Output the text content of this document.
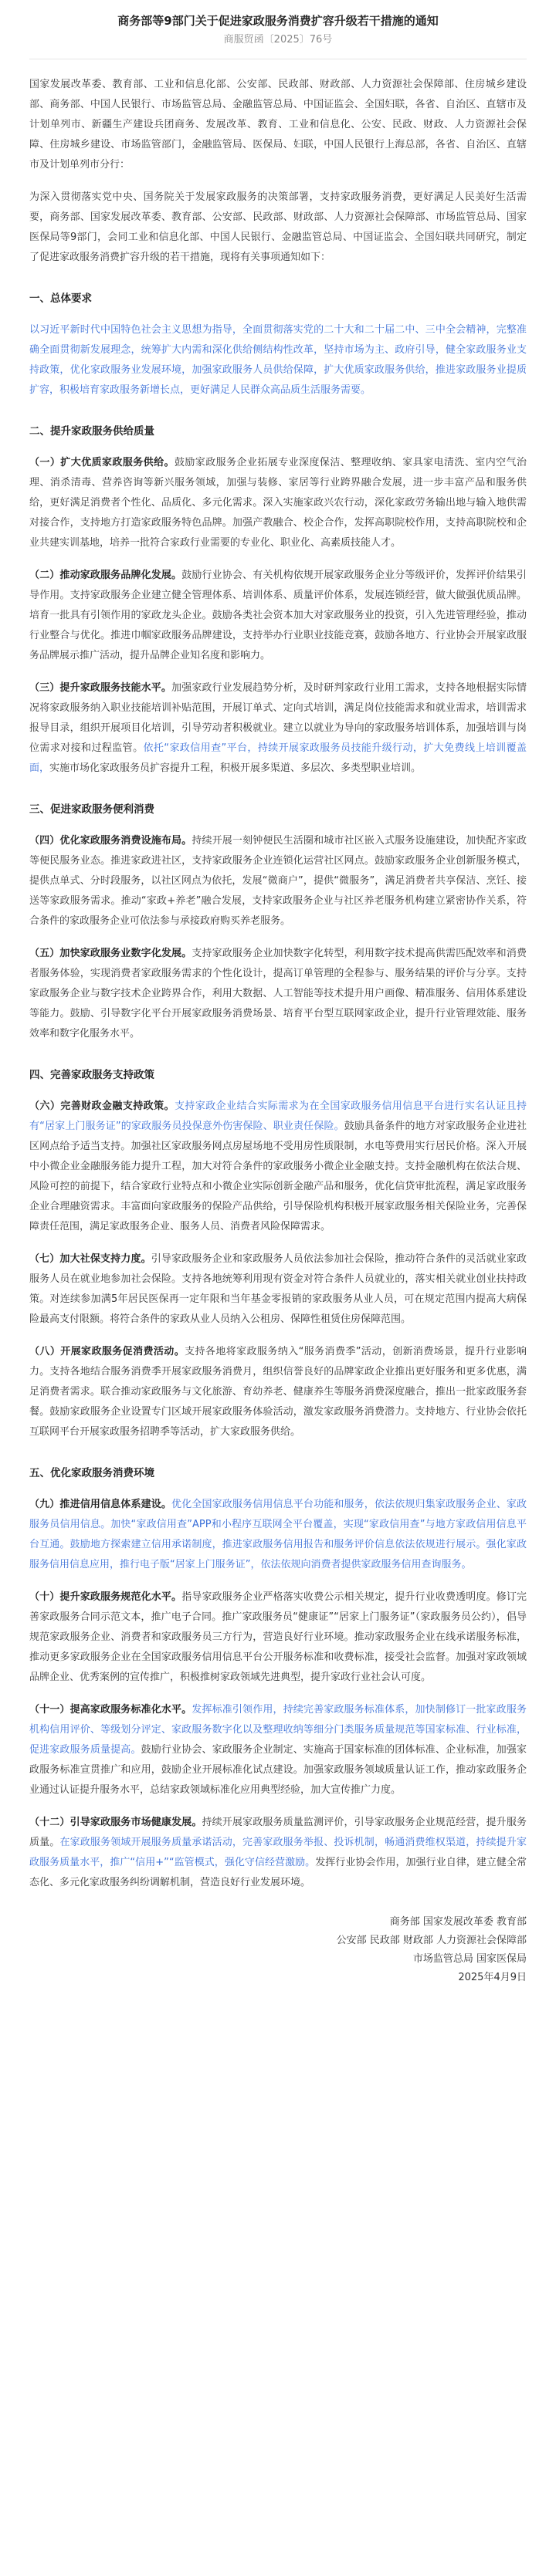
商务部等9部门关于促进家政服务消费扩容升级若干措施的通知
商服贸函〔2025〕76号

国家发展改革委、教育部、工业和信息化部、公安部、民政部、财政部、人力资源社会保障部、住房城乡建设部、商务部、中国人民银行、市场监管总局、金融监管总局、中国证监会、全国妇联，各省、自治区、直辖市及计划单列市、新疆生产建设兵团商务、发展改革、教育、工业和信息化、公安、民政、财政、人力资源社会保障、住房城乡建设、市场监管部门，金融监管局、医保局、妇联，中国人民银行上海总部，各省、自治区、直辖市及计划单列市分行：

为深入贯彻落实党中央、国务院关于发展家政服务的决策部署，支持家政服务消费，更好满足人民美好生活需要，商务部、国家发展改革委、教育部、公安部、民政部、财政部、人力资源社会保障部、市场监管总局、国家医保局等9部门，会同工业和信息化部、中国人民银行、金融监管总局、中国证监会、全国妇联共同研究，制定了促进家政服务消费扩容升级的若干措施，现将有关事项通知如下：

一、总体要求

以习近平新时代中国特色社会主义思想为指导，全面贯彻落实党的二十大和二十届二中、三中全会精神，完整准确全面贯彻新发展理念，统筹扩大内需和深化供给侧结构性改革，坚持市场为主、政府引导，健全家政服务业支持政策，优化家政服务业发展环境，加强家政服务人员供给保障，扩大优质家政服务供给，推进家政服务业提质扩容，积极培育家政服务新增长点，更好满足人民群众高品质生活服务需要。

二、提升家政服务供给质量

（一）扩大优质家政服务供给。鼓励家政服务企业拓展专业深度保洁、整理收纳、家具家电清洗、室内空气治理、消杀清毒、营养咨询等新兴服务领域，加强与装修、家居等行业跨界融合发展，进一步丰富产品和服务供给，更好满足消费者个性化、品质化、多元化需求。深入实施家政兴农行动，深化家政劳务输出地与输入地供需对接合作，支持地方打造家政服务特色品牌。加强产教融合、校企合作，发挥高职院校作用，支持高职院校和企业共建实训基地，培养一批符合家政行业需要的专业化、职业化、高素质技能人才。

（二）推动家政服务品牌化发展。鼓励行业协会、有关机构依规开展家政服务企业分等级评价，发挥评价结果引导作用。支持家政服务企业建立健全管理体系、培训体系、质量评价体系，发展连锁经营，做大做强优质品牌。培育一批具有引领作用的家政龙头企业。鼓励各类社会资本加大对家政服务业的投资，引入先进管理经验，推动行业整合与优化。推进巾帼家政服务品牌建设，支持举办行业职业技能竞赛，鼓励各地方、行业协会开展家政服务品牌展示推广活动，提升品牌企业知名度和影响力。

（三）提升家政服务技能水平。加强家政行业发展趋势分析，及时研判家政行业用工需求，支持各地根据实际情况将家政服务纳入职业技能培训补贴范围，开展订单式、定向式培训，满足岗位技能需求和就业需求，培训需求报导目录，组织开展项目化培训，引导劳动者积极就业。建立以就业为导向的家政服务培训体系，加强培训与岗位需求对接和过程监管。依托“家政信用查”平台，持续开展家政服务员技能升级行动，扩大免费线上培训覆盖面，实施市场化家政服务员扩容提升工程，积极开展多渠道、多层次、多类型职业培训。

三、促进家政服务便利消费

（四）优化家政服务消费设施布局。持续开展一刻钟便民生活圈和城市社区嵌入式服务设施建设，加快配齐家政等便民服务业态。推进家政进社区，支持家政服务企业连锁化运营社区网点。鼓励家政服务企业创新服务模式，提供点单式、分时段服务，以社区网点为依托，发展“微商户”，提供“微服务”，满足消费者共享保洁、烹饪、接送等家政服务需求。推动“家政+养老”融合发展，支持家政服务企业与社区养老服务机构建立紧密协作关系，符合条件的家政服务企业可依法参与承接政府购买养老服务。

（五）加快家政服务业数字化发展。支持家政服务企业加快数字化转型，利用数字技术提高供需匹配效率和消费者服务体验，实现消费者家政服务需求的个性化设计，提高订单管理的全程参与、服务结果的评价与分享。支持家政服务企业与数字技术企业跨界合作，利用大数据、人工智能等技术提升用户画像、精准服务、信用体系建设等能力。鼓励、引导数字化平台开展家政服务消费场景、培育平台型互联网家政企业，提升行业管理效能、服务效率和数字化服务水平。

四、完善家政服务支持政策

（六）完善财政金融支持政策。支持家政企业结合实际需求为在全国家政服务信用信息平台进行实名认证且持有“居家上门服务证”的家政服务员投保意外伤害保险、职业责任保险。鼓励具备条件的地方对家政服务企业进社区网点给予适当支持。加强社区家政服务网点房屋场地不受用房性质限制，水电等费用实行居民价格。深入开展中小微企业金融服务能力提升工程，加大对符合条件的家政服务小微企业金融支持。支持金融机构在依法合规、风险可控的前提下，结合家政行业特点和小微企业实际创新金融产品和服务，优化信贷审批流程，满足家政服务企业合理融资需求。丰富面向家政服务的保险产品供给，引导保险机构积极开展家政服务相关保险业务，完善保障责任范围，满足家政服务企业、服务人员、消费者风险保障需求。

（七）加大社保支持力度。引导家政服务企业和家政服务人员依法参加社会保险，推动符合条件的灵活就业家政服务人员在就业地参加社会保险。支持各地统筹利用现有资金对符合条件人员就业的，落实相关就业创业扶持政策。对连续参加满5年居民医保再一定年限和当年基金零报销的家政服务从业人员，可在规定范围内提高大病保险最高支付限额。将符合条件的家政从业人员纳入公租房、保障性租赁住房保障范围。

（八）开展家政服务促消费活动。支持各地将家政服务纳入“服务消费季”活动，创新消费场景，提升行业影响力。支持各地结合服务消费季开展家政服务消费月，组织信誉良好的品牌家政企业推出更好服务和更多优惠，满足消费者需求。联合推动家政服务与文化旅游、育幼养老、健康养生等服务消费深度融合，推出一批家政服务套餐。鼓励家政服务企业设置专门区域开展家政服务体验活动，激发家政服务消费潜力。支持地方、行业协会依托互联网平台开展家政服务招聘季等活动，扩大家政服务供给。

五、优化家政服务消费环境

（九）推进信用信息体系建设。优化全国家政服务信用信息平台功能和服务，依法依规归集家政服务企业、家政服务员信用信息。加快“家政信用查”APP和小程序互联网全平台覆盖，实现“家政信用查”与地方家政信用信息平台互通。鼓励地方探索建立信用承诺制度，推进家政服务信用报告和服务评价信息依法依规进行展示。强化家政服务信用信息应用，推行电子版“居家上门服务证”，依法依规向消费者提供家政服务信用查询服务。

（十）提升家政服务规范化水平。指导家政服务企业严格落实收费公示相关规定，提升行业收费透明度。修订完善家政服务合同示范文本，推广电子合同。推广家政服务员“健康证”“居家上门服务证”（家政服务员公约），倡导规范家政服务企业、消费者和家政服务员三方行为，营造良好行业环境。推动家政服务企业在线承诺服务标准，推动更多家政服务企业在全国家政服务信用信息平台公开服务标准和收费标准，接受社会监督。加强对家政领域品牌企业、优秀案例的宣传推广，积极推树家政领域先进典型，提升家政行业社会认可度。

（十一）提高家政服务标准化水平。发挥标准引领作用，持续完善家政服务标准体系，加快制修订一批家政服务机构信用评价、等级划分评定、家政服务数字化以及整理收纳等细分门类服务质量规范等国家标准、行业标准，促进家政服务质量提高。鼓励行业协会、家政服务企业制定、实施高于国家标准的团体标准、企业标准，加强家政服务标准宣贯推广和应用，鼓励企业开展标准化试点建设。加强家政服务领域质量认证工作，推动家政服务企业通过认证提升服务水平，总结家政领域标准化应用典型经验，加大宣传推广力度。

（十二）引导家政服务市场健康发展。持续开展家政服务质量监测评价，引导家政服务企业规范经营，提升服务质量。在家政服务领域开展服务质量承诺活动，完善家政服务举报、投诉机制，畅通消费维权渠道，持续提升家政服务质量水平，推广“信用+”“监管模式，强化守信经营激励。发挥行业协会作用，加强行业自律，建立健全常态化、多元化家政服务纠纷调解机制，营造良好行业发展环境。

商务部 国家发展改革委 教育部
公安部 民政部 财政部 人力资源社会保障部
市场监管总局 国家医保局
2025年4月9日
